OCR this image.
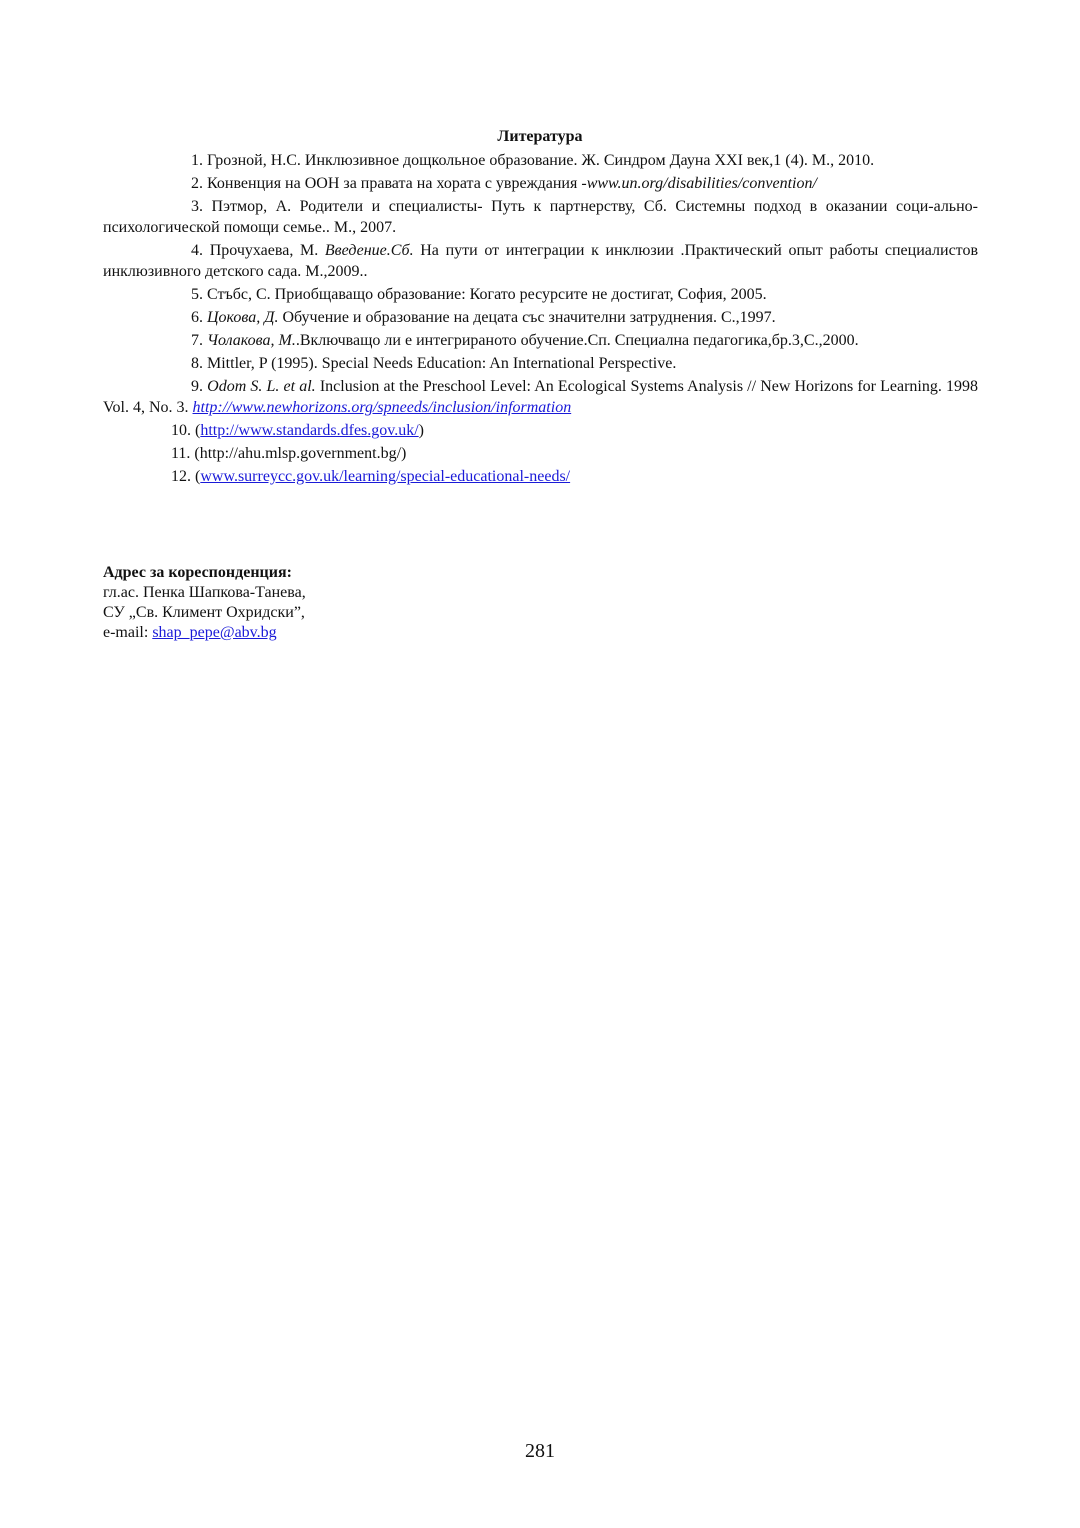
Литература

1. Грозной, Н.С. Инклюзивное дощкольное образование. Ж. Синдром Дауна XXI век,1 (4). М., 2010.

2. Конвенция на ООН за правата на хората с увреждания -www.un.org/disabilities/convention/

3. Пэтмор, А. Родители и специалисты- Путь к партнерству, Сб. Системны подход в оказании соци-ально-психологической помощи семье.. М., 2007.

4. Прочухаева, М. Введение.Сб. На пути от интеграции к инклюзии .Практический опыт работы специалистов инклюзивного детского сада. М.,2009..

5. Стъбс, С. Приобщаващо образование: Когато ресурсите не достигат, София, 2005.

6. Цокова, Д. Обучение и образование на децата със значителни затруднения. С.,1997.

7. Чолакова, М..Включващо ли е интегрираното обучение.Сп. Специална педагогика,бр.3,С.,2000.

8. Mittler, P (1995). Special Needs Education: An International Perspective.

9. Odom S. L. et al. Inclusion at the Preschool Level: An Ecological Systems Analysis // New Horizons for Learning. 1998 Vol. 4, No. 3. http://www.newhorizons.org/spneeds/inclusion/information

10. (http://www.standards.dfes.gov.uk/)

11. (http://ahu.mlsp.government.bg/)

12. (www.surreycc.gov.uk/learning/special-educational-needs/

Адрес за кореспонденция:
гл.ас. Пенка Шапкова-Танева,
СУ „Св. Климент Охридски”,
e-mail: shap_pepe@abv.bg
281
